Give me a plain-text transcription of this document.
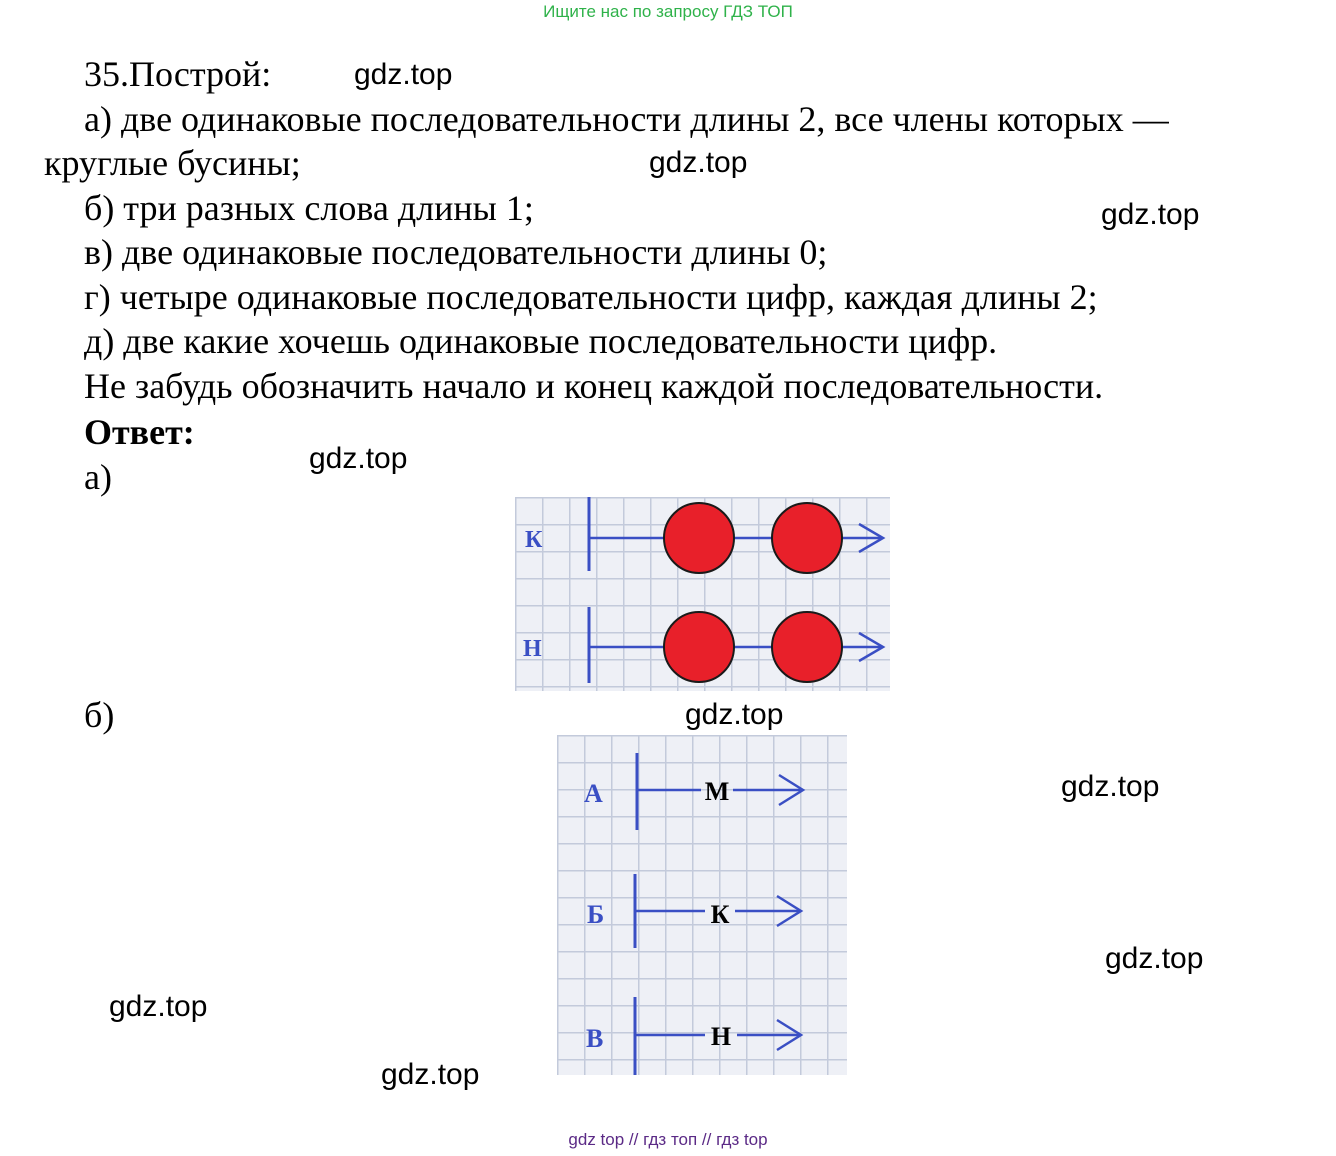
Ищите нас по запросу ГДЗ ТОП
35.Построй:
а) две одинаковые последовательности длины 2, все члены которых —
круглые бусины;
б) три разных слова длины 1;
в) две одинаковые последовательности длины 0;
г) четыре одинаковые последовательности цифр, каждая длины 2;
д) две какие хочешь одинаковые последовательности цифр.
Не забудь обозначить начало и конец каждой последовательности.
Ответ:
а)
б)
К
Н
А	М
Б	К
В	Н
gdz.top
gdz.top
gdz.top
gdz.top
gdz.top
gdz.top
gdz.top
gdz.top
gdz.top
gdz top // гдз топ // гдз top
